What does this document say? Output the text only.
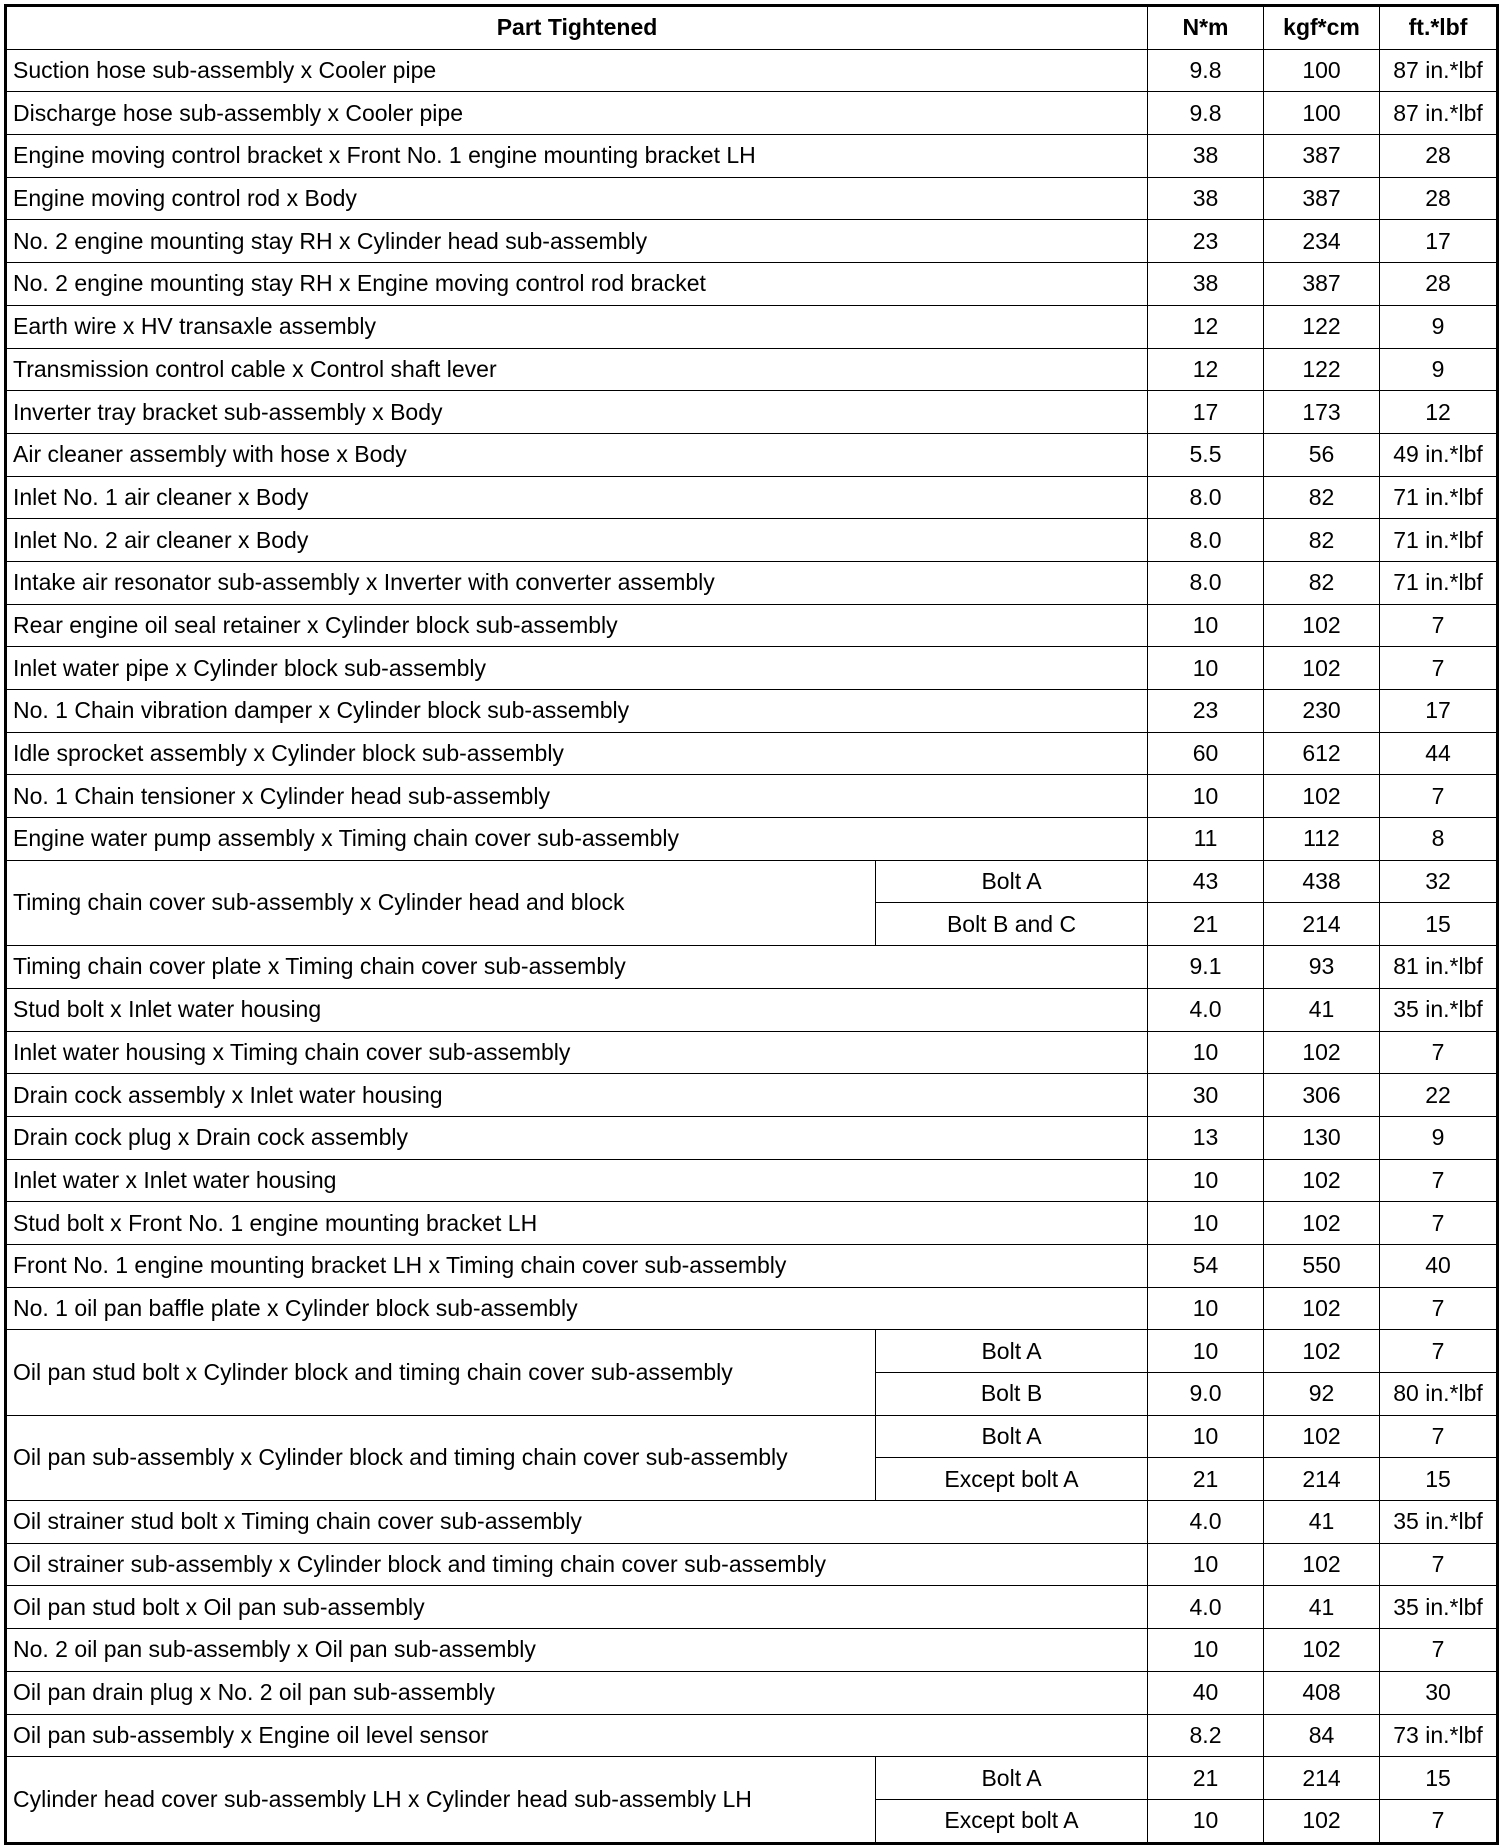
Part Tightened		N*m	kgf*cm	ft.*lbf
Suction hose sub-assembly x Cooler pipe		9.8	100	87 in.*lbf
Discharge hose sub-assembly x Cooler pipe		9.8	100	87 in.*lbf
Engine moving control bracket x Front No. 1 engine mounting bracket LH		38	387	28
Engine moving control rod x Body		38	387	28
No. 2 engine mounting stay RH x Cylinder head sub-assembly		23	234	17
No. 2 engine mounting stay RH x Engine moving control rod bracket		38	387	28
Earth wire x HV transaxle assembly		12	122	9
Transmission control cable x Control shaft lever		12	122	9
Inverter tray bracket sub-assembly x Body		17	173	12
Air cleaner assembly with hose x Body		5.5	56	49 in.*lbf
Inlet No. 1 air cleaner x Body		8.0	82	71 in.*lbf
Inlet No. 2 air cleaner x Body		8.0	82	71 in.*lbf
Intake air resonator sub-assembly x Inverter with converter assembly		8.0	82	71 in.*lbf
Rear engine oil seal retainer x Cylinder block sub-assembly		10	102	7
Inlet water pipe x Cylinder block sub-assembly		10	102	7
No. 1 Chain vibration damper x Cylinder block sub-assembly		23	230	17
Idle sprocket assembly x Cylinder block sub-assembly		60	612	44
No. 1 Chain tensioner x Cylinder head sub-assembly		10	102	7
Engine water pump assembly x Timing chain cover sub-assembly		11	112	8
Timing chain cover sub-assembly x Cylinder head and block	Bolt A	43	438	32
	Bolt B and C	21	214	15
Timing chain cover plate x Timing chain cover sub-assembly		9.1	93	81 in.*lbf
Stud bolt x Inlet water housing		4.0	41	35 in.*lbf
Inlet water housing x Timing chain cover sub-assembly		10	102	7
Drain cock assembly x Inlet water housing		30	306	22
Drain cock plug x Drain cock assembly		13	130	9
Inlet water x Inlet water housing		10	102	7
Stud bolt x Front No. 1 engine mounting bracket LH		10	102	7
Front No. 1 engine mounting bracket LH x Timing chain cover sub-assembly		54	550	40
No. 1 oil pan baffle plate x Cylinder block sub-assembly		10	102	7
Oil pan stud bolt x Cylinder block and timing chain cover sub-assembly	Bolt A	10	102	7
	Bolt B	9.0	92	80 in.*lbf
Oil pan sub-assembly x Cylinder block and timing chain cover sub-assembly	Bolt A	10	102	7
	Except bolt A	21	214	15
Oil strainer stud bolt x Timing chain cover sub-assembly		4.0	41	35 in.*lbf
Oil strainer sub-assembly x Cylinder block and timing chain cover sub-assembly		10	102	7
Oil pan stud bolt x Oil pan sub-assembly		4.0	41	35 in.*lbf
No. 2 oil pan sub-assembly x Oil pan sub-assembly		10	102	7
Oil pan drain plug x No. 2 oil pan sub-assembly		40	408	30
Oil pan sub-assembly x Engine oil level sensor		8.2	84	73 in.*lbf
Cylinder head cover sub-assembly LH x Cylinder head sub-assembly LH	Bolt A	21	214	15
	Except bolt A	10	102	7
